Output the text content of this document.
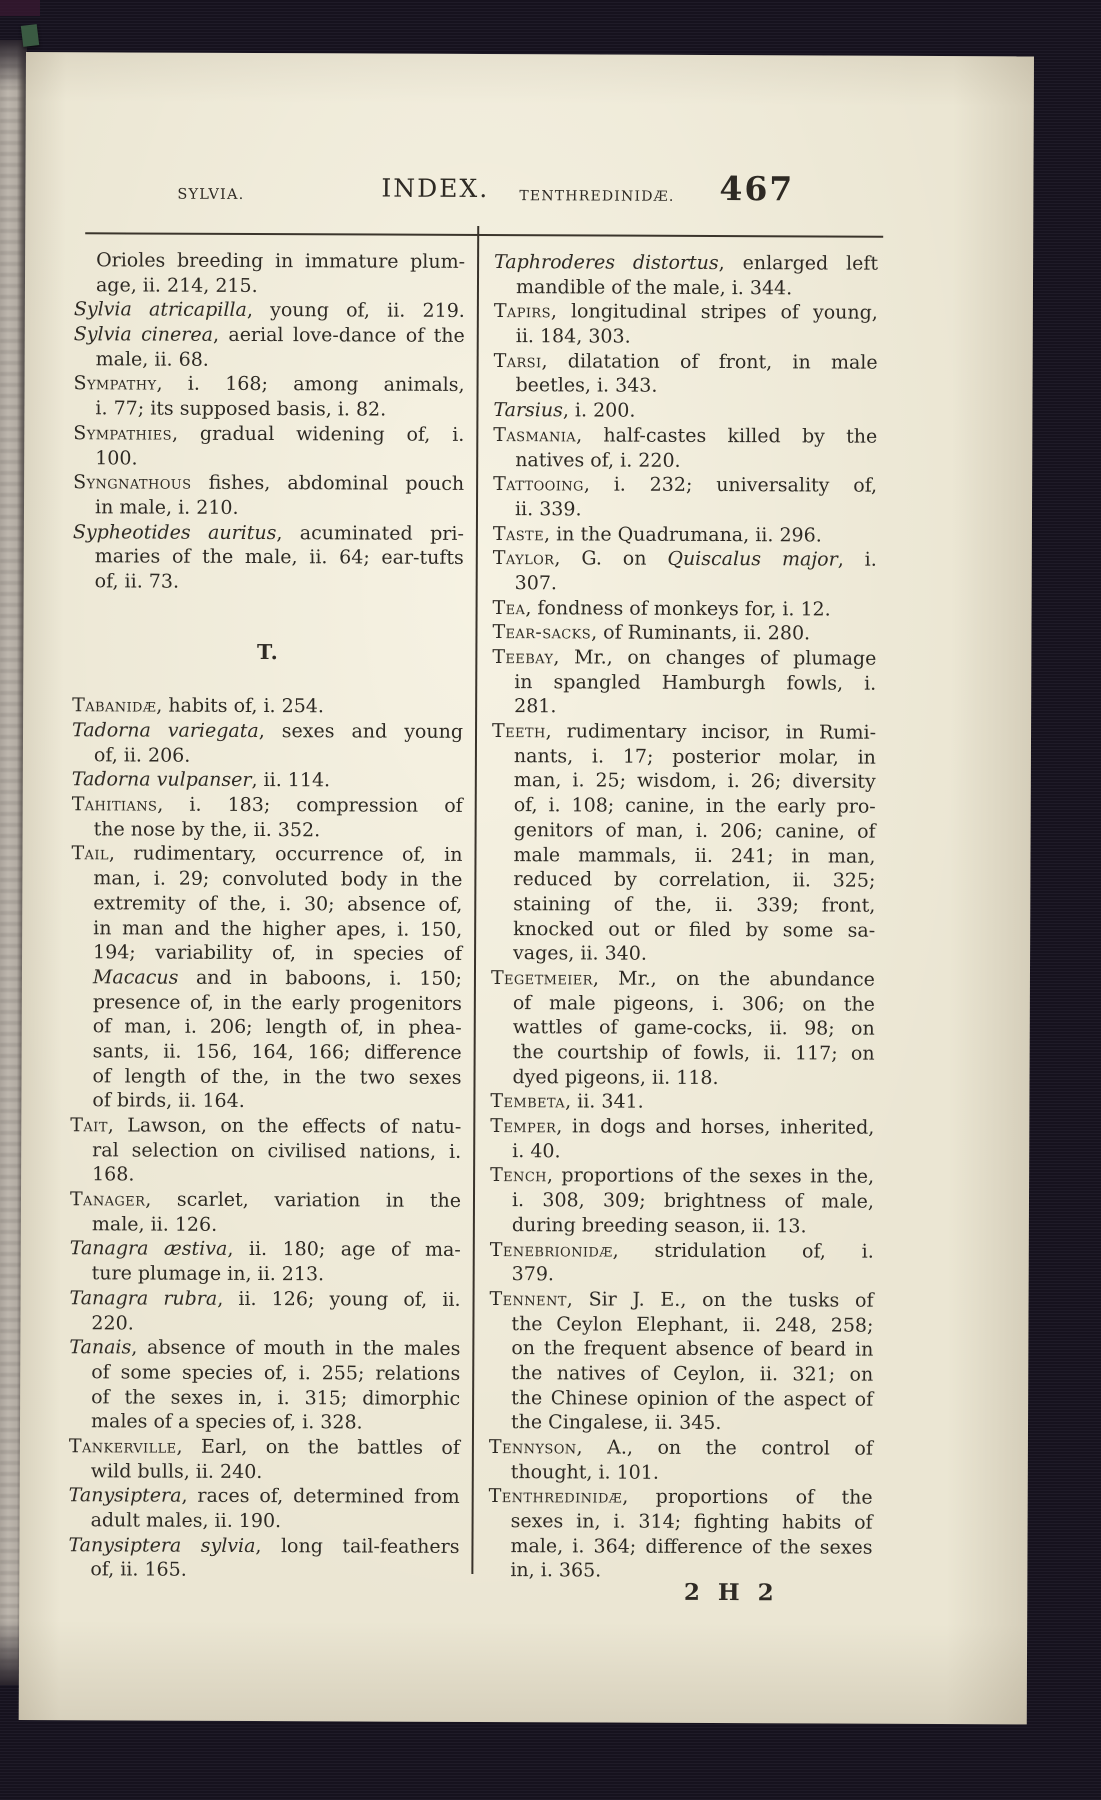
SYLVIA.	INDEX. TENTHREDINIDÆ. 467
Orioles breeding in immature plum-
age, ii. 214, 215.
Sylvia atricapilla, young of, ii. 219.
Sylvia cinerea, aerial love-dance of the
male, ii. 68.
Sympathy, i. 168; among animals,
i. 77; its supposed basis, i. 82.
Sympathies, gradual widening of, i.
100.
Syngnathous fishes, abdominal pouch
in male, i. 210.
Sypheotides auritus, acuminated pri-
maries of the male, ii. 64; ear-tufts
of, ii. 73.
T.
Tabanidæ, habits of, i. 254.
Tadorna variegata, sexes and young
of, ii. 206.
Tadorna vulpanser, ii. 114.
Tahitians, i. 183; compression of
the nose by the, ii. 352.
Tail, rudimentary, occurrence of, in
man, i. 29; convoluted body in the
extremity of the, i. 30; absence of,
in man and the higher apes, i. 150,
194; variability of, in species of
Macacus and in baboons, i. 150;
presence of, in the early progenitors
of man, i. 206; length of, in phea-
sants, ii. 156, 164, 166; difference
of length of the, in the two sexes
of birds, ii. 164.
Tait, Lawson, on the effects of natu-
ral selection on civilised nations, i.
168.
Tanager, scarlet, variation in the
male, ii. 126.
Tanagra æstiva, ii. 180; age of ma-
ture plumage in, ii. 213.
Tanagra rubra, ii. 126; young of, ii.
220.
Tanais, absence of mouth in the males
of some species of, i. 255; relations
of the sexes in, i. 315; dimorphic
males of a species of, i. 328.
Tankerville, Earl, on the battles of
wild bulls, ii. 240.
Tanysiptera, races of, determined from
adult males, ii. 190.
Tanysiptera sylvia, long tail-feathers
of, ii. 165.
Taphroderes distortus, enlarged left
mandible of the male, i. 344.
Tapirs, longitudinal stripes of young,
ii. 184, 303.
Tarsi, dilatation of front, in male
beetles, i. 343.
Tarsius, i. 200.
Tasmania, half-castes killed by the
natives of, i. 220.
Tattooing, i. 232; universality of,
ii. 339.
Taste, in the Quadrumana, ii. 296.
Taylor, G. on Quiscalus major, i.
307.
Tea, fondness of monkeys for, i. 12.
Tear-sacks, of Ruminants, ii. 280.
Teebay, Mr., on changes of plumage
in spangled Hamburgh fowls, i.
281.
Teeth, rudimentary incisor, in Rumi-
nants, i. 17; posterior molar, in
man, i. 25; wisdom, i. 26; diversity
of, i. 108; canine, in the early pro-
genitors of man, i. 206; canine, of
male mammals, ii. 241; in man,
reduced by correlation, ii. 325;
staining of the, ii. 339; front,
knocked out or filed by some sa-
vages, ii. 340.
Tegetmeier, Mr., on the abundance
of male pigeons, i. 306; on the
wattles of game-cocks, ii. 98; on
the courtship of fowls, ii. 117; on
dyed pigeons, ii. 118.
Tembeta, ii. 341.
Temper, in dogs and horses, inherited,
i. 40.
Tench, proportions of the sexes in the,
i. 308, 309; brightness of male,
during breeding season, ii. 13.
Tenebrionidæ, stridulation of, i.
379.
Tennent, Sir J. E., on the tusks of
the Ceylon Elephant, ii. 248, 258;
on the frequent absence of beard in
the natives of Ceylon, ii. 321; on
the Chinese opinion of the aspect of
the Cingalese, ii. 345.
Tennyson, A., on the control of
thought, i. 101.
Tenthredinidæ, proportions of the
sexes in, i. 314; fighting habits of
male, i. 364; difference of the sexes
in, i. 365.
2 H 2
